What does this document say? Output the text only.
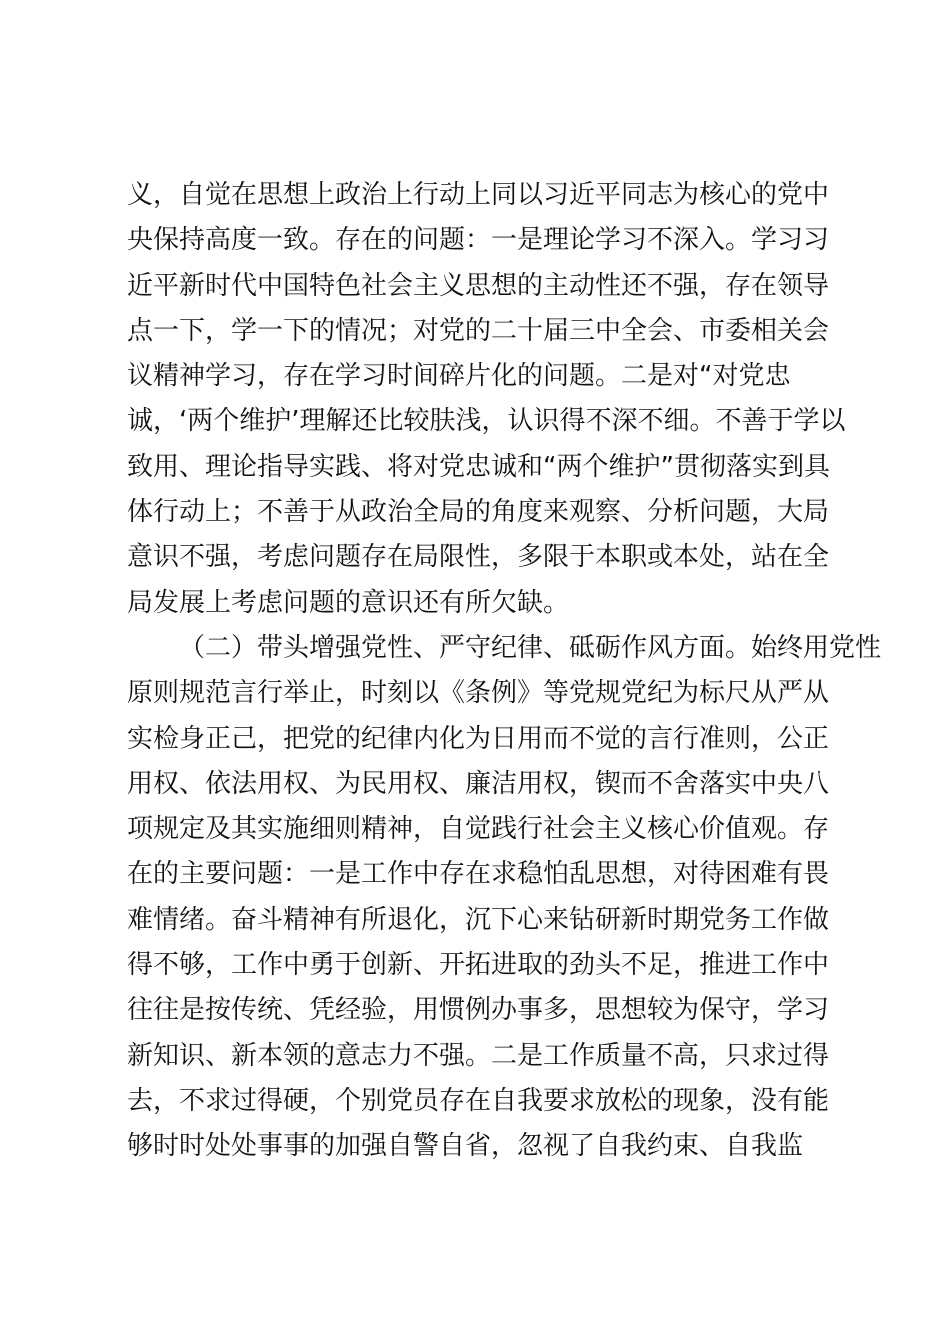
义，自觉在思想上政治上行动上同以习近平同志为核心的党中
央保持高度一致。存在的问题：一是理论学习不深入。学习习
近平新时代中国特色社会主义思想的主动性还不强，存在领导
点一下，学一下的情况；对党的二十届三中全会、市委相关会
议精神学习，存在学习时间碎片化的问题。二是对“对党忠
诚，‘两个维护’理解还比较肤浅，认识得不深不细。不善于学以
致用、理论指导实践、将对党忠诚和“两个维护”贯彻落实到具
体行动上；不善于从政治全局的角度来观察、分析问题，大局
意识不强，考虑问题存在局限性，多限于本职或本处，站在全
局发展上考虑问题的意识还有所欠缺。
（二）带头增强党性、严守纪律、砥砺作风方面。始终用党性
原则规范言行举止，时刻以《条例》等党规党纪为标尺从严从
实检身正己，把党的纪律内化为日用而不觉的言行准则，公正
用权、依法用权、为民用权、廉洁用权，锲而不舍落实中央八
项规定及其实施细则精神，自觉践行社会主义核心价值观。存
在的主要问题：一是工作中存在求稳怕乱思想，对待困难有畏
难情绪。奋斗精神有所退化，沉下心来钻研新时期党务工作做
得不够，工作中勇于创新、开拓进取的劲头不足，推进工作中
往往是按传统、凭经验，用惯例办事多，思想较为保守，学习
新知识、新本领的意志力不强。二是工作质量不高，只求过得
去，不求过得硬，个别党员存在自我要求放松的现象，没有能
够时时处处事事的加强自警自省，忽视了自我约束、自我监
